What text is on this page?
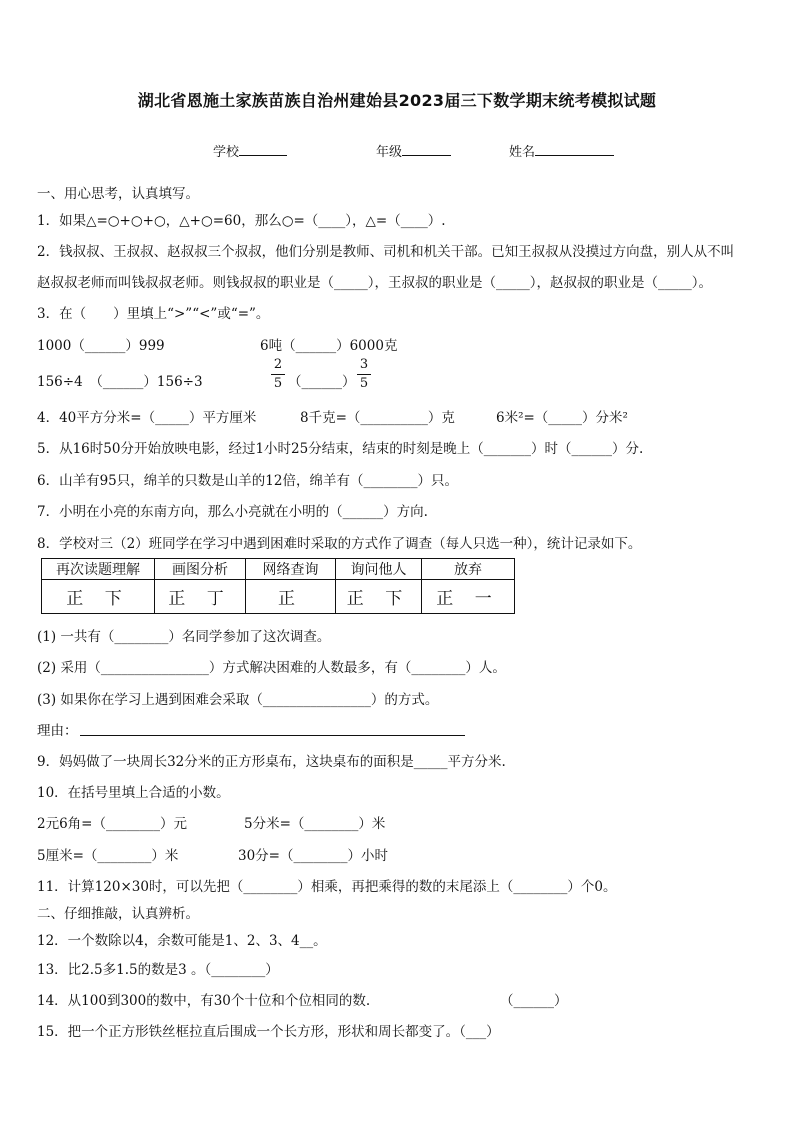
湖北省恩施土家族苗族自治州建始县2023届三下数学期末统考模拟试题
学校	年级	姓名
一、用心思考，认真填写。
1．如果△=○+○+○，△+○=60，那么○=（____），△=（____）.
2．钱叔叔、王叔叔、赵叔叔三个叔叔，他们分别是教师、司机和机关干部。已知王叔叔从没摸过方向盘，别人从不叫
赵叔叔老师而叫钱叔叔老师。则钱叔叔的职业是（_____），王叔叔的职业是（_____），赵叔叔的职业是（_____）。
3．在（　　）里填上“>”“<”或“=”。
1000（______）999	6吨（______）6000克
156÷4　（______）156÷3
2
5 （______）
3
5
4．40平方分米=（_____）平方厘米	8千克=（__________）克	6米²=（_____）分米²
5．从16时50分开始放映电影，经过1小时25分结束，结束的时刻是晚上（_______）时（______）分.
6．山羊有95只，绵羊的只数是山羊的12倍，绵羊有（________）只。
7．小明在小亮的东南方向，那么小亮就在小明的（______）方向.
8．学校对三（2）班同学在学习中遇到困难时采取的方式作了调查（每人只选一种），统计记录如下。
再次读题理解	画图分析	网络查询	询问他人	放弃
正 下	正 丁	正	正 下	正 一
(1) 一共有（________）名同学参加了这次调查。
(2) 采用（________________）方式解决困难的人数最多，有（________）人。
(3) 如果你在学习上遇到困难会采取（________________）的方式。
理由：
9．妈妈做了一块周长32分米的正方形桌布，这块桌布的面积是_____平方分米.
10．在括号里填上合适的小数。
2元6角=（________）元	5分米=（________）米
5厘米=（________）米	30分=（________）小时
11．计算120×30时，可以先把（________）相乘，再把乘得的数的末尾添上（________）个0。
二、仔细推敲，认真辨析。
12．一个数除以4，余数可能是1、2、3、4__。
13．比2.5多1.5的数是3 。（________）
14．从100到300的数中，有30个十位和个位相同的数.	（______）
15．把一个正方形铁丝框拉直后围成一个长方形，形状和周长都变了。（___）
